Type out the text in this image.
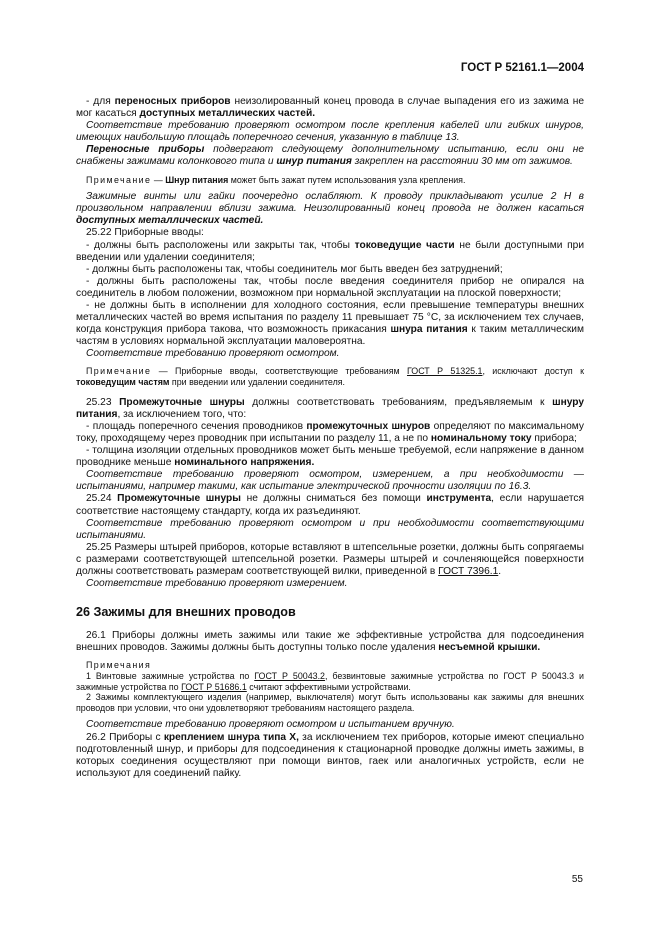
ГОСТ Р 52161.1—2004

- для переносных приборов неизолированный конец провода в случае выпадения его из зажима не мог касаться доступных металлических частей.

Соответствие требованию проверяют осмотром после крепления кабелей или гибких шнуров, имеющих наибольшую площадь поперечного сечения, указанную в таблице 13.

Переносные приборы подвергают следующему дополнительному испытанию, если они не снабжены зажимами колонкового типа и шнур питания закреплен на расстоянии 30 мм от зажимов.

Примечание — Шнур питания может быть зажат путем использования узла крепления.

Зажимные винты или гайки поочередно ослабляют. К проводу прикладывают усилие 2 Н в произвольном направлении вблизи зажима. Неизолированный конец провода не должен касаться доступных металлических частей.

25.22 Приборные вводы:

- должны быть расположены или закрыты так, чтобы токоведущие части не были доступными при введении или удалении соединителя;

- должны быть расположены так, чтобы соединитель мог быть введен без затруднений;

- должны быть расположены так, чтобы после введения соединителя прибор не опирался на соединитель в любом положении, возможном при нормальной эксплуатации на плоской поверхности;

- не должны быть в исполнении для холодного состояния, если превышение температуры внешних металлических частей во время испытания по разделу 11 превышает 75 °С, за исключением тех случаев, когда конструкция прибора такова, что возможность прикасания шнура питания к таким металлическим частям в условиях нормальной эксплуатации маловероятна.

Соответствие требованию проверяют осмотром.

Примечание — Приборные вводы, соответствующие требованиям ГОСТ Р 51325.1, исключают доступ к токоведущим частям при введении или удалении соединителя.

25.23 Промежуточные шнуры должны соответствовать требованиям, предъявляемым к шнуру питания, за исключением того, что:

- площадь поперечного сечения проводников промежуточных шнуров определяют по максимальному току, проходящему через проводник при испытании по разделу 11, а не по номинальному току прибора;

- толщина изоляции отдельных проводников может быть меньше требуемой, если напряжение в данном проводнике меньше номинального напряжения.

Соответствие требованию проверяют осмотром, измерением, а при необходимости — испытаниями, например такими, как испытание электрической прочности изоляции по 16.3.

25.24 Промежуточные шнуры не должны сниматься без помощи инструмента, если нарушается соответствие настоящему стандарту, когда их разъединяют.

Соответствие требованию проверяют осмотром и при необходимости соответствующими испытаниями.

25.25 Размеры штырей приборов, которые вставляют в штепсельные розетки, должны быть сопрягаемы с размерами соответствующей штепсельной розетки. Размеры штырей и сочленяющейся поверхности должны соответствовать размерам соответствующей вилки, приведенной в ГОСТ 7396.1.

Соответствие требованию проверяют измерением.

26 Зажимы для внешних проводов

26.1 Приборы должны иметь зажимы или такие же эффективные устройства для подсоединения внешних проводов. Зажимы должны быть доступны только после удаления несъемной крышки.

Примечания

1 Винтовые зажимные устройства по ГОСТ Р 50043.2, безвинтовые зажимные устройства по ГОСТ Р 50043.3 и зажимные устройства по ГОСТ Р 51686.1 считают эффективными устройствами.

2 Зажимы комплектующего изделия (например, выключателя) могут быть использованы как зажимы для внешних проводов при условии, что они удовлетворяют требованиям настоящего раздела.

Соответствие требованию проверяют осмотром и испытанием вручную.

26.2 Приборы с креплением шнура типа X, за исключением тех приборов, которые имеют специально подготовленный шнур, и приборы для подсоединения к стационарной проводке должны иметь зажимы, в которых соединения осуществляют при помощи винтов, гаек или аналогичных устройств, если не используют для соединений пайку.

55
